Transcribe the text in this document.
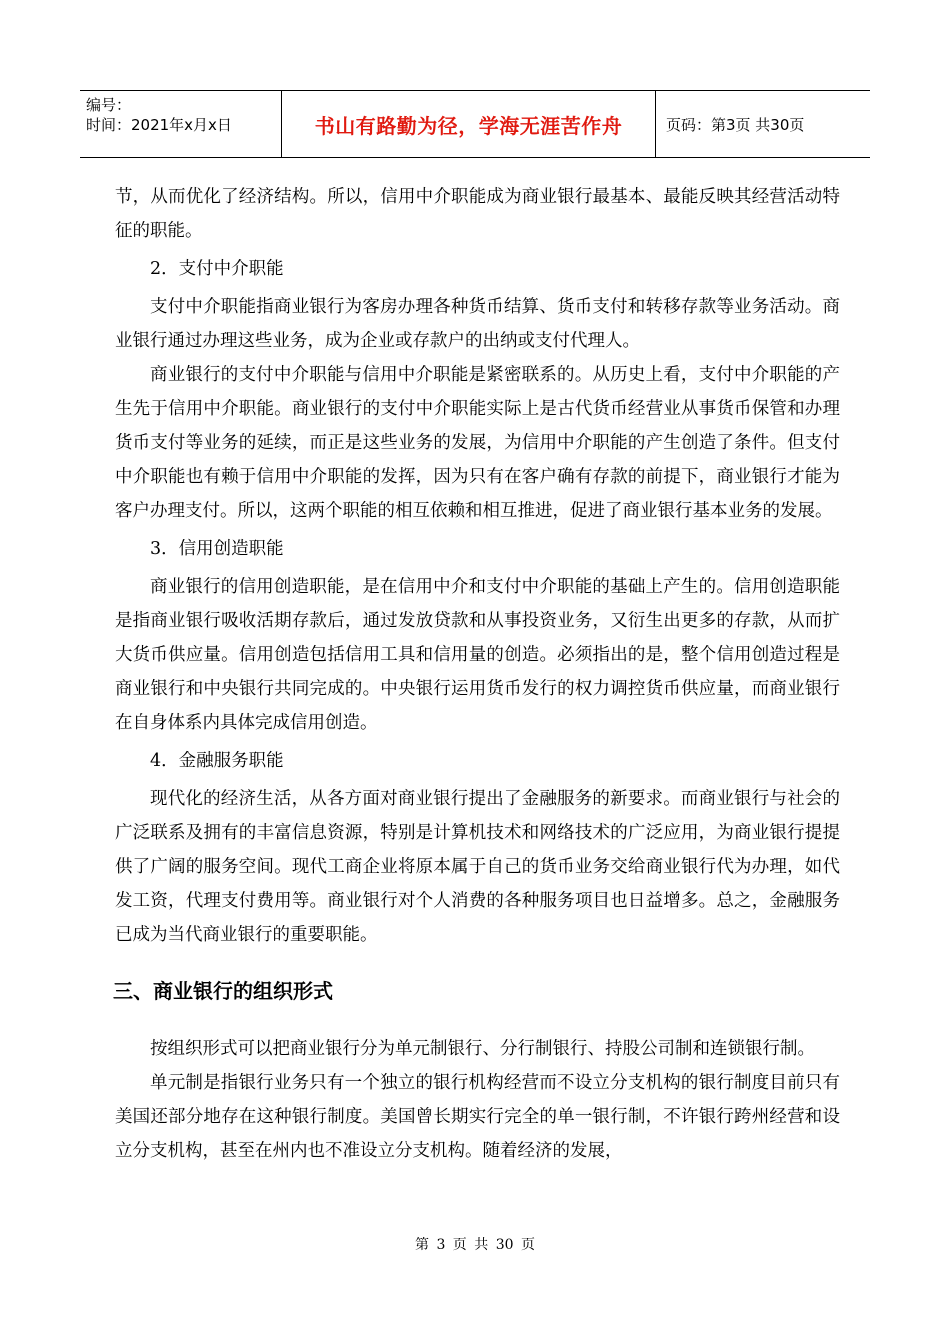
编号：
时间：2021年x月x日	书山有路勤为径，学海无涯苦作舟	页码：第3页 共30页

节，从而优化了经济结构。所以，信用中介职能成为商业银行最基本、最能反映其经营活动特征的职能。

2．支付中介职能

支付中介职能指商业银行为客房办理各种货币结算、货币支付和转移存款等业务活动。商业银行通过办理这些业务，成为企业或存款户的出纳或支付代理人。

商业银行的支付中介职能与信用中介职能是紧密联系的。从历史上看，支付中介职能的产生先于信用中介职能。商业银行的支付中介职能实际上是古代货币经营业从事货币保管和办理货币支付等业务的延续，而正是这些业务的发展，为信用中介职能的产生创造了条件。但支付中介职能也有赖于信用中介职能的发挥，因为只有在客户确有存款的前提下，商业银行才能为客户办理支付。所以，这两个职能的相互依赖和相互推进，促进了商业银行基本业务的发展。

3．信用创造职能

商业银行的信用创造职能，是在信用中介和支付中介职能的基础上产生的。信用创造职能是指商业银行吸收活期存款后，通过发放贷款和从事投资业务，又衍生出更多的存款，从而扩大货币供应量。信用创造包括信用工具和信用量的创造。必须指出的是，整个信用创造过程是商业银行和中央银行共同完成的。中央银行运用货币发行的权力调控货币供应量，而商业银行在自身体系内具体完成信用创造。

4．金融服务职能

现代化的经济生活，从各方面对商业银行提出了金融服务的新要求。而商业银行与社会的广泛联系及拥有的丰富信息资源，特别是计算机技术和网络技术的广泛应用，为商业银行提提供了广阔的服务空间。现代工商企业将原本属于自己的货币业务交给商业银行代为办理，如代发工资，代理支付费用等。商业银行对个人消费的各种服务项目也日益增多。总之，金融服务已成为当代商业银行的重要职能。

三、商业银行的组织形式

按组织形式可以把商业银行分为单元制银行、分行制银行、持股公司制和连锁银行制。

单元制是指银行业务只有一个独立的银行机构经营而不设立分支机构的银行制度目前只有美国还部分地存在这种银行制度。美国曾长期实行完全的单一银行制，不许银行跨州经营和设立分支机构，甚至在州内也不准设立分支机构。随着经济的发展，

第 3 页 共 30 页
